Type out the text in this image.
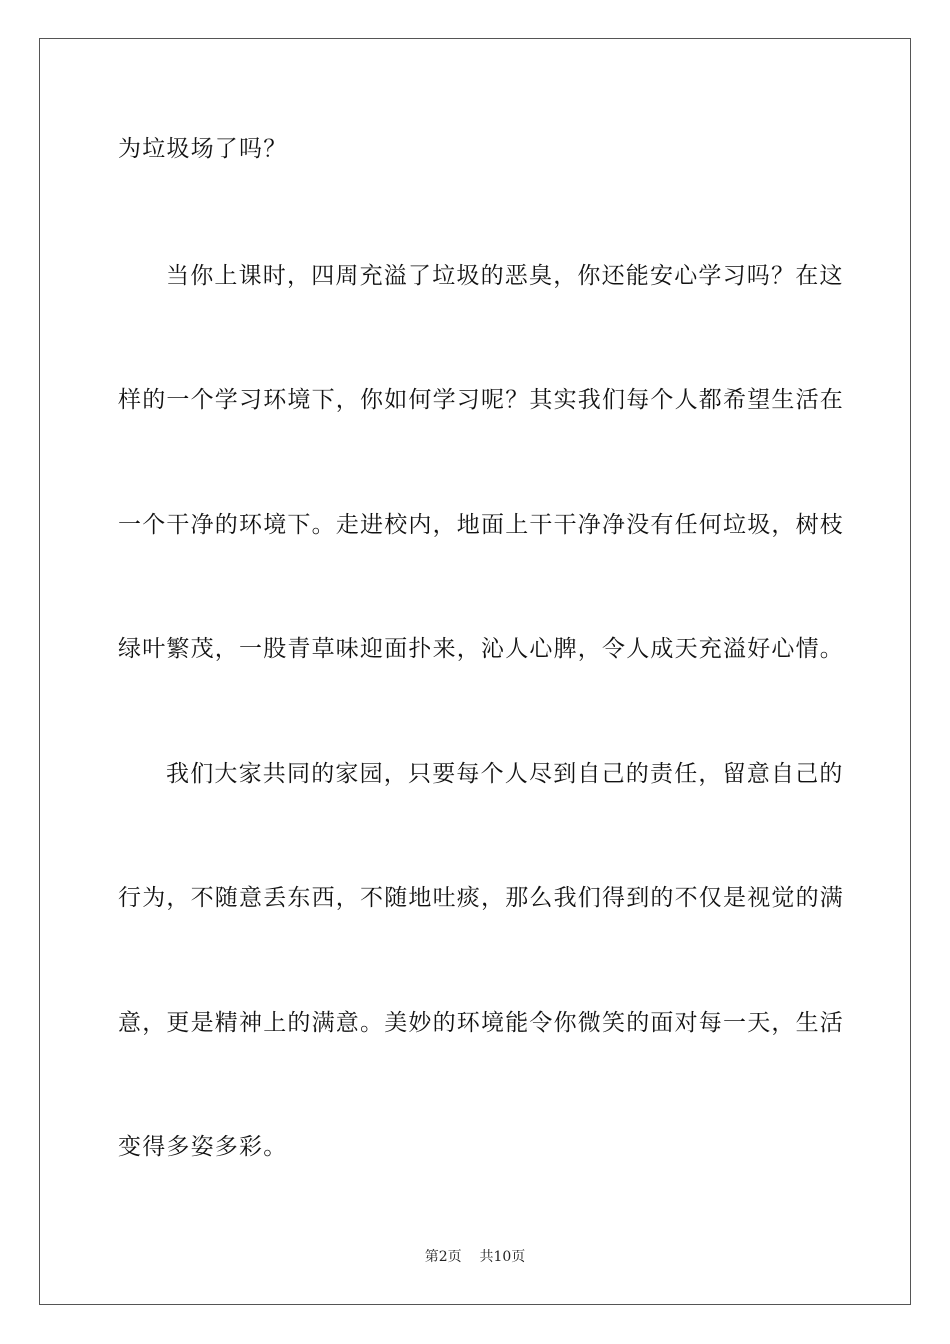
为垃圾场了吗？
当你上课时，四周充溢了垃圾的恶臭，你还能安心学习吗？在这
样的一个学习环境下，你如何学习呢？其实我们每个人都希望生活在
一个干净的环境下。走进校内，地面上干干净净没有任何垃圾，树枝
绿叶繁茂，一股青草味迎面扑来，沁人心脾，令人成天充溢好心情。
我们大家共同的家园，只要每个人尽到自己的责任，留意自己的
行为，不随意丢东西，不随地吐痰，那么我们得到的不仅是视觉的满
意，更是精神上的满意。美妙的环境能令你微笑的面对每一天，生活
变得多姿多彩。
第2页 共10页
